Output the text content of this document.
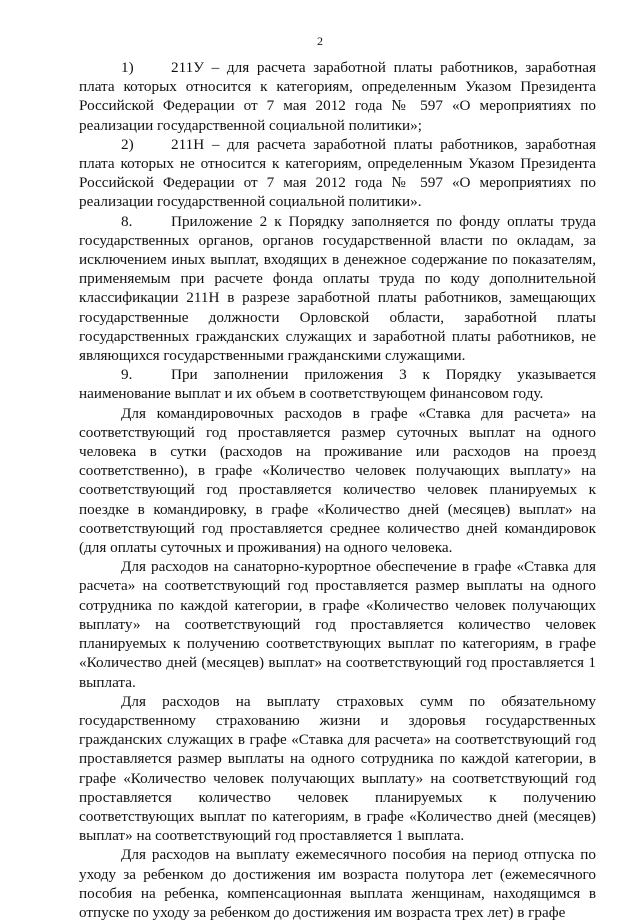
2

1) 211У – для расчета заработной платы работников, заработная плата которых относится к категориям, определенным Указом Президента Российской Федерации от 7 мая 2012 года № 597 «О мероприятиях по реализации государственной социальной политики»;

2) 211Н – для расчета заработной платы работников, заработная плата которых не относится к категориям, определенным Указом Президента Российской Федерации от 7 мая 2012 года № 597 «О мероприятиях по реализации государственной социальной политики».

8.	Приложение 2 к Порядку заполняется по фонду оплаты труда государственных органов, органов государственной власти по окладам, за исключением иных выплат, входящих в денежное содержание по показателям, применяемым при расчете фонда оплаты труда по коду дополнительной классификации 211Н в разрезе заработной платы работников, замещающих государственные должности Орловской области, заработной платы государственных гражданских служащих и заработной платы работников, не являющихся государственными гражданскими служащими.

9.	При заполнении приложения 3 к Порядку указывается наименование выплат и их объем в соответствующем финансовом году.

Для командировочных расходов в графе «Ставка для расчета» на соответствующий год проставляется размер суточных выплат на одного человека в сутки (расходов на проживание или расходов на проезд соответственно), в графе «Количество человек получающих выплату» на соответствующий год проставляется количество человек планируемых к поездке в командировку, в графе «Количество дней (месяцев) выплат» на соответствующий год проставляется среднее количество дней командировок (для оплаты суточных и проживания) на одного человека.

Для расходов на санаторно-курортное обеспечение в графе «Ставка для расчета» на соответствующий год проставляется размер выплаты на одного сотрудника по каждой категории, в графе «Количество человек получающих выплату» на соответствующий год проставляется количество человек планируемых к получению соответствующих выплат по категориям, в графе «Количество дней (месяцев) выплат» на соответствующий год проставляется 1 выплата.

Для расходов на выплату страховых сумм по обязательному государственному страхованию жизни и здоровья государственных гражданских служащих в графе «Ставка для расчета» на соответствующий год проставляется размер выплаты на одного сотрудника по каждой категории, в графе «Количество человек получающих выплату» на соответствующий год проставляется количество человек планируемых к получению соответствующих выплат по категориям, в графе «Количество дней (месяцев) выплат» на соответствующий год проставляется 1 выплата.

Для расходов на выплату ежемесячного пособия на период отпуска по уходу за ребенком до достижения им возраста полутора лет (ежемесячного пособия на ребенка, компенсационная выплата женщинам, находящимся в отпуске по уходу за ребенком до достижения им возраста трех лет) в графе
